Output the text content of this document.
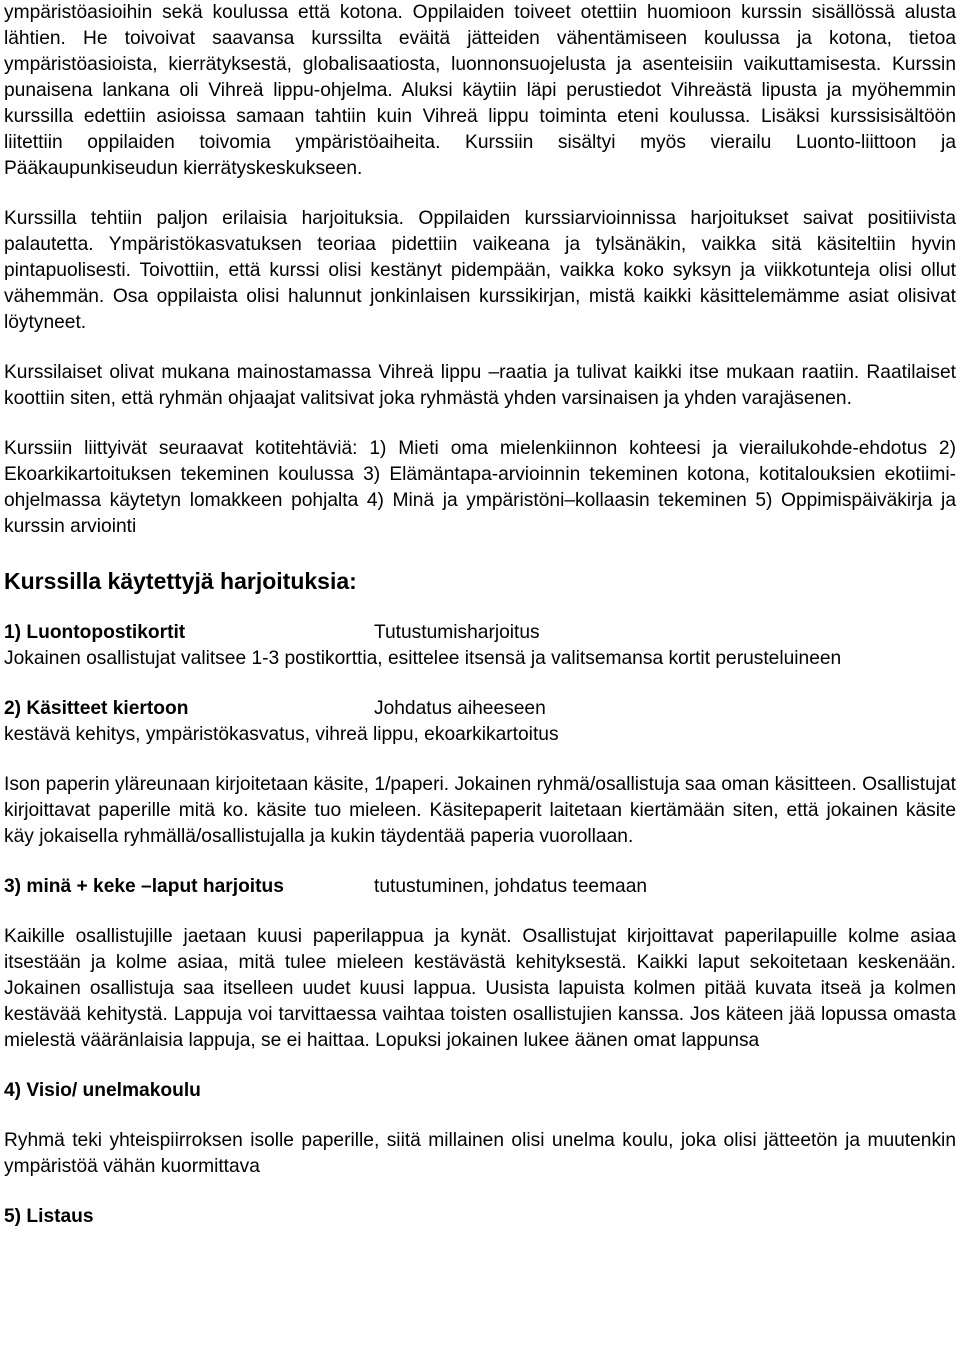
ympäristöasioihin sekä koulussa että kotona. Oppilaiden toiveet otettiin huomioon kurssin sisällössä alusta lähtien. He toivoivat saavansa kurssilta eväitä jätteiden vähentämiseen koulussa ja kotona, tietoa ympäristöasioista, kierrätyksestä, globalisaatiosta, luonnonsuojelusta ja asenteisiin vaikuttamisesta. Kurssin punaisena lankana oli Vihreä lippu-ohjelma. Aluksi käytiin läpi perustiedot Vihreästä lipusta ja myöhemmin kurssilla edettiin asioissa samaan tahtiin kuin Vihreä lippu toiminta eteni koulussa. Lisäksi kurssisisältöön liitettiin oppilaiden toivomia ympäristöaiheita. Kurssiin sisältyi myös vierailu Luonto-liittoon ja Pääkaupunkiseudun kierrätyskeskukseen.

Kurssilla tehtiin paljon erilaisia harjoituksia. Oppilaiden kurssiarvioinnissa harjoitukset saivat positiivista palautetta. Ympäristökasvatuksen teoriaa pidettiin vaikeana ja tylsänäkin, vaikka sitä käsiteltiin hyvin pintapuolisesti. Toivottiin, että kurssi olisi kestänyt pidempään, vaikka koko syksyn ja viikkotunteja olisi ollut vähemmän. Osa oppilaista olisi halunnut jonkinlaisen kurssikirjan, mistä kaikki käsittelemämme asiat olisivat löytyneet.

Kurssilaiset olivat mukana mainostamassa Vihreä lippu –raatia ja tulivat kaikki itse mukaan raatiin. Raatilaiset koottiin siten, että ryhmän ohjaajat valitsivat joka ryhmästä yhden varsinaisen ja yhden varajäsenen.

Kurssiin liittyivät seuraavat kotitehtäviä: 1) Mieti oma mielenkiinnon kohteesi ja vierailukohde-ehdotus 2) Ekoarkikartoituksen tekeminen koulussa 3) Elämäntapa-arvioinnin tekeminen kotona, kotitalouksien ekotiimi-ohjelmassa käytetyn lomakkeen pohjalta 4) Minä ja ympäristöni–kollaasin tekeminen 5) Oppimispäiväkirja ja kurssin arviointi

Kurssilla käytettyjä harjoituksia:
1) Luontopostikortit	Tutustumisharjoitus

Jokainen osallistujat valitsee 1-3 postikorttia, esittelee itsensä ja valitsemansa kortit perusteluineen

2) Käsitteet kiertoon	Johdatus aiheeseen

kestävä kehitys, ympäristökasvatus, vihreä lippu, ekoarkikartoitus

Ison paperin yläreunaan kirjoitetaan käsite, 1/paperi. Jokainen ryhmä/osallistuja saa oman käsitteen. Osallistujat kirjoittavat paperille mitä ko. käsite tuo mieleen. Käsitepaperit laitetaan kiertämään siten, että jokainen käsite käy jokaisella ryhmällä/osallistujalla ja kukin täydentää paperia vuorollaan.

3) minä + keke –laput harjoitus	tutustuminen, johdatus teemaan

Kaikille osallistujille jaetaan kuusi paperilappua ja kynät. Osallistujat kirjoittavat paperilapuille kolme asiaa itsestään ja kolme asiaa, mitä tulee mieleen kestävästä kehityksestä. Kaikki laput sekoitetaan keskenään. Jokainen osallistuja saa itselleen uudet kuusi lappua. Uusista lapuista kolmen pitää kuvata itseä ja kolmen kestävää kehitystä. Lappuja voi tarvittaessa vaihtaa toisten osallistujien kanssa. Jos käteen jää lopussa omasta mielestä vääränlaisia lappuja, se ei haittaa. Lopuksi jokainen lukee äänen omat lappunsa

4) Visio/ unelmakoulu

Ryhmä teki yhteispiirroksen isolle paperille, siitä millainen olisi unelma koulu, joka olisi jätteetön ja muutenkin ympäristöä vähän kuormittava

5) Listaus
